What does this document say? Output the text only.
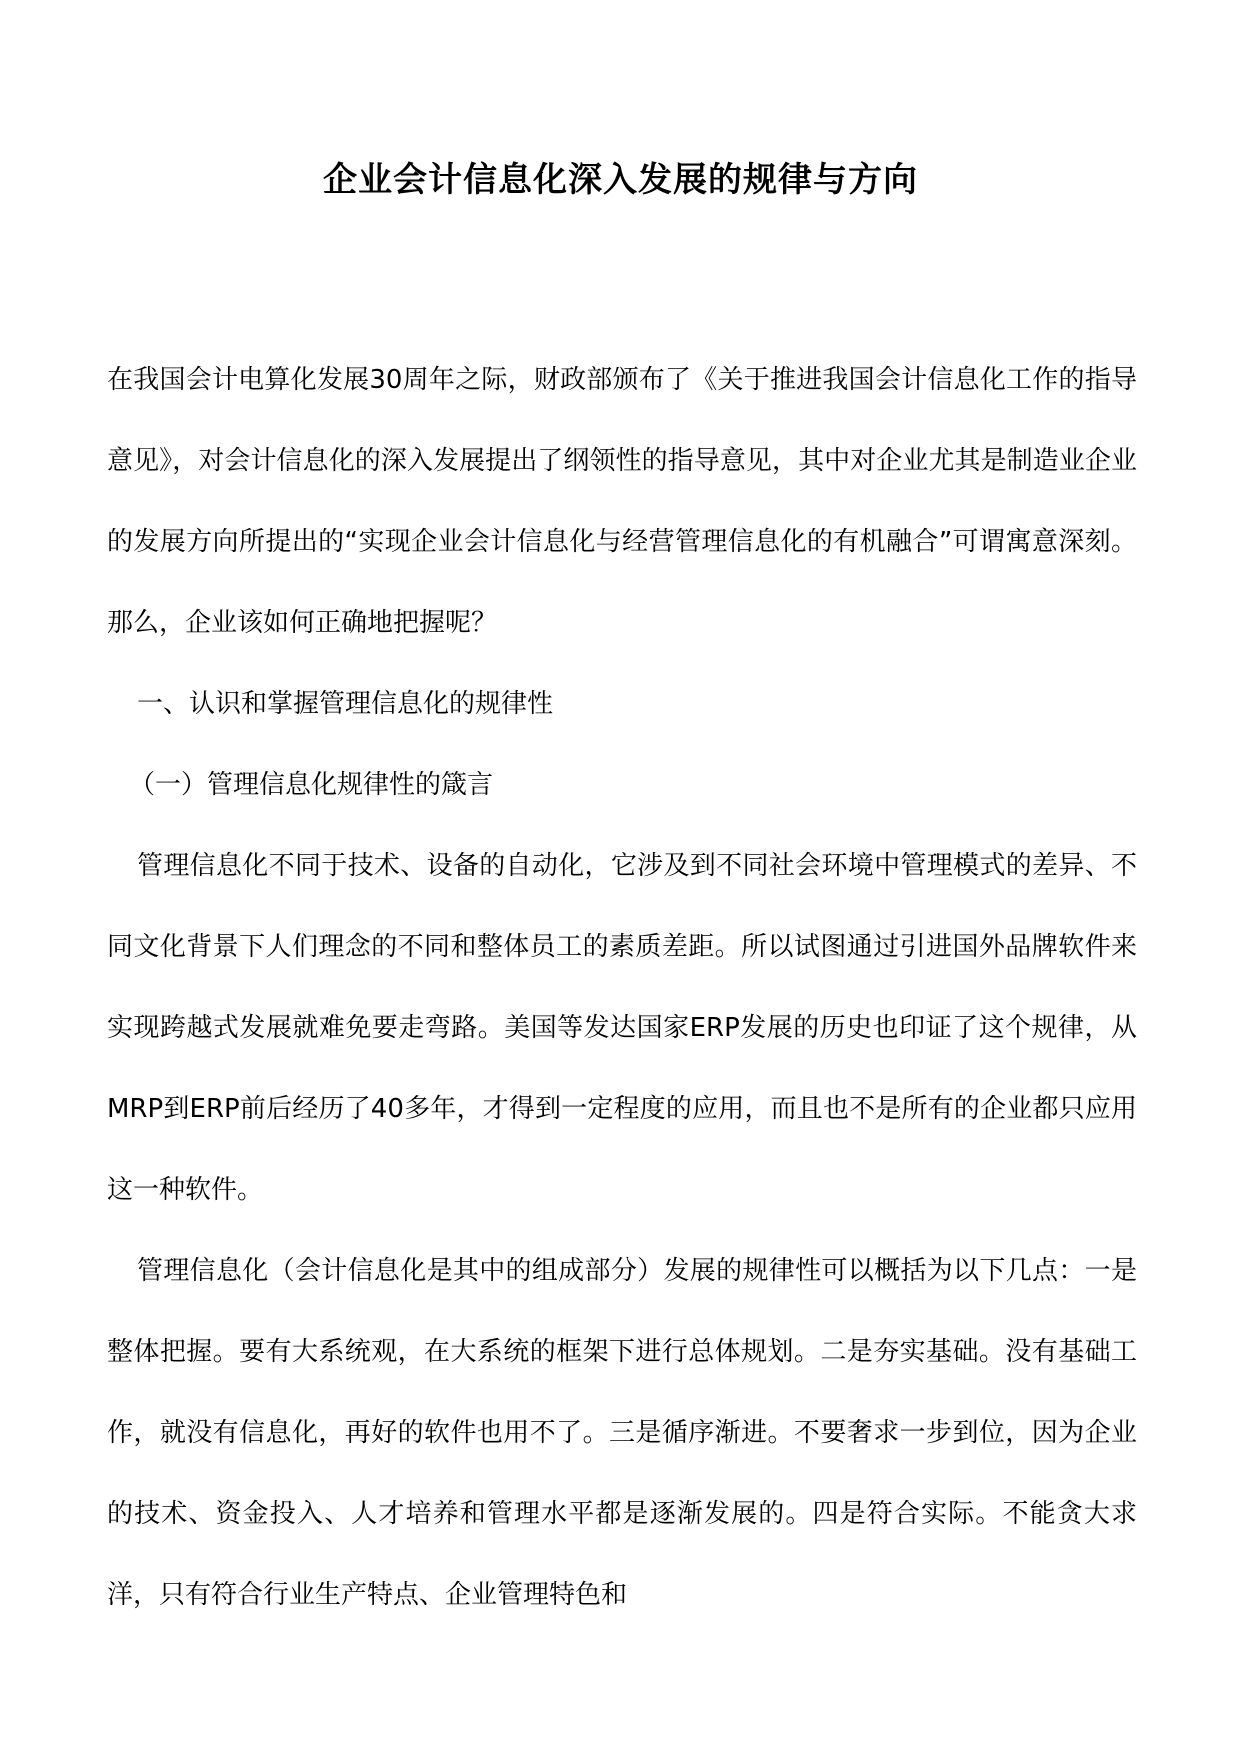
企业会计信息化深入发展的规律与方向

在我国会计电算化发展30周年之际，财政部颁布了《关于推进我国会计信息化工作的指导意见》，对会计信息化的深入发展提出了纲领性的指导意见，其中对企业尤其是制造业企业的发展方向所提出的“实现企业会计信息化与经营管理信息化的有机融合”可谓寓意深刻。那么，企业该如何正确地把握呢？

一、认识和掌握管理信息化的规律性

（一）管理信息化规律性的箴言

管理信息化不同于技术、设备的自动化，它涉及到不同社会环境中管理模式的差异、不同文化背景下人们理念的不同和整体员工的素质差距。所以试图通过引进国外品牌软件来实现跨越式发展就难免要走弯路。美国等发达国家ERP发展的历史也印证了这个规律，从MRP到ERP前后经历了40多年，才得到一定程度的应用，而且也不是所有的企业都只应用这一种软件。

管理信息化（会计信息化是其中的组成部分）发展的规律性可以概括为以下几点：一是整体把握。要有大系统观，在大系统的框架下进行总体规划。二是夯实基础。没有基础工作，就没有信息化，再好的软件也用不了。三是循序渐进。不要奢求一步到位，因为企业的技术、资金投入、人才培养和管理水平都是逐渐发展的。四是符合实际。不能贪大求洋，只有符合行业生产特点、企业管理特色和
